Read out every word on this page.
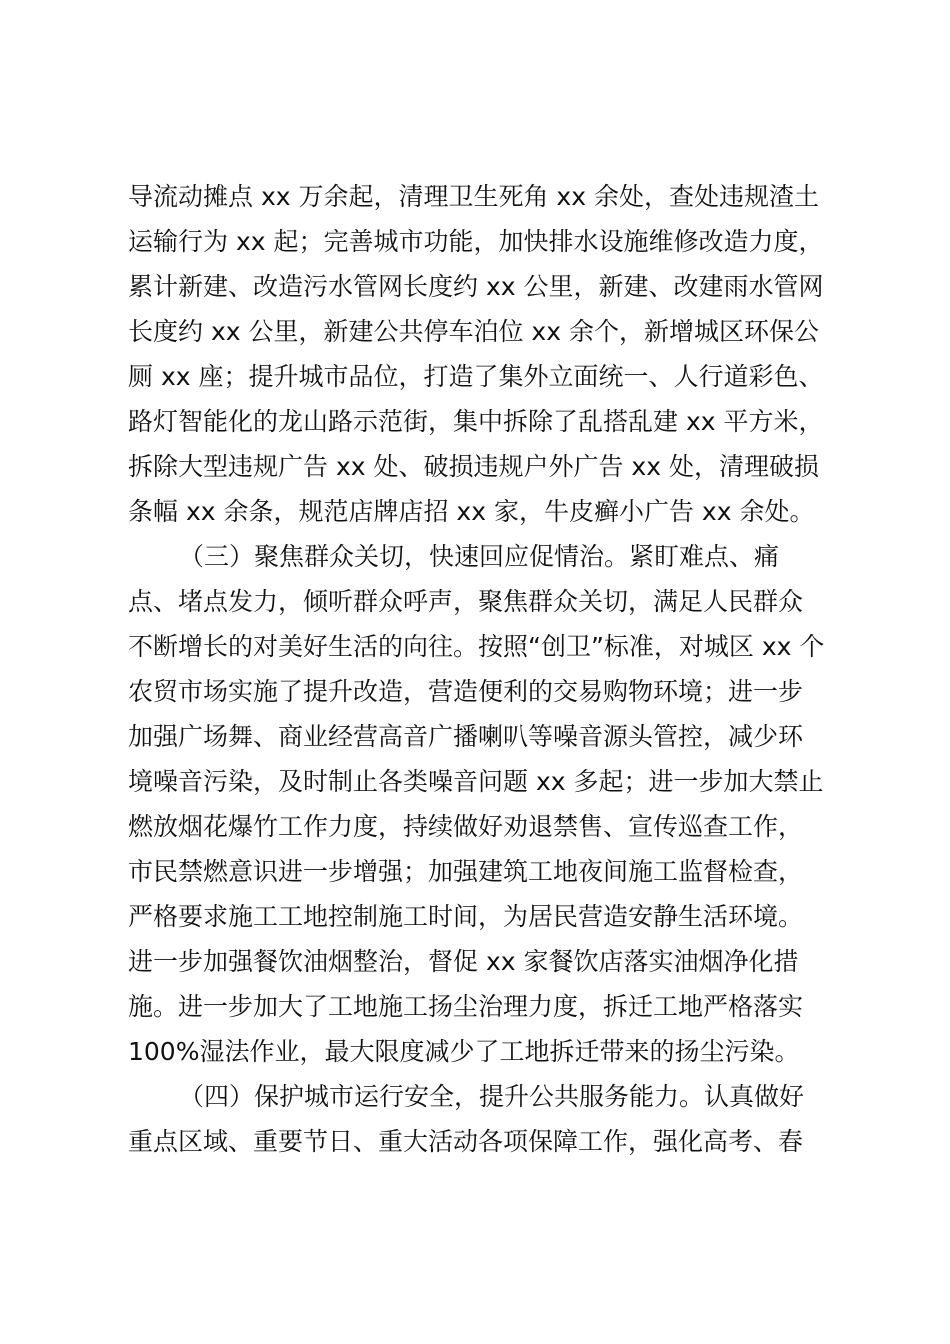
导流动摊点 xx 万余起，清理卫生死角 xx 余处，查处违规渣土
运输行为 xx 起；完善城市功能，加快排水设施维修改造力度，
累计新建、改造污水管网长度约 xx 公里，新建、改建雨水管网
长度约 xx 公里，新建公共停车泊位 xx 余个，新增城区环保公
厕 xx 座；提升城市品位，打造了集外立面统一、人行道彩色、
路灯智能化的龙山路示范街，集中拆除了乱搭乱建 xx 平方米，
拆除大型违规广告 xx 处、破损违规户外广告 xx 处，清理破损
条幅 xx 余条，规范店牌店招 xx 家，牛皮癣小广告 xx 余处。
（三）聚焦群众关切，快速回应促情治。紧盯难点、痛
点、堵点发力，倾听群众呼声，聚焦群众关切，满足人民群众
不断增长的对美好生活的向往。按照“创卫”标准，对城区 xx 个
农贸市场实施了提升改造，营造便利的交易购物环境；进一步
加强广场舞、商业经营高音广播喇叭等噪音源头管控，减少环
境噪音污染，及时制止各类噪音问题 xx 多起；进一步加大禁止
燃放烟花爆竹工作力度，持续做好劝退禁售、宣传巡查工作，
市民禁燃意识进一步增强；加强建筑工地夜间施工监督检查，
严格要求施工工地控制施工时间，为居民营造安静生活环境。
进一步加强餐饮油烟整治，督促 xx 家餐饮店落实油烟净化措
施。进一步加大了工地施工扬尘治理力度，拆迁工地严格落实
100%湿法作业，最大限度减少了工地拆迁带来的扬尘污染。
（四）保护城市运行安全，提升公共服务能力。认真做好
重点区域、重要节日、重大活动各项保障工作，强化高考、春
